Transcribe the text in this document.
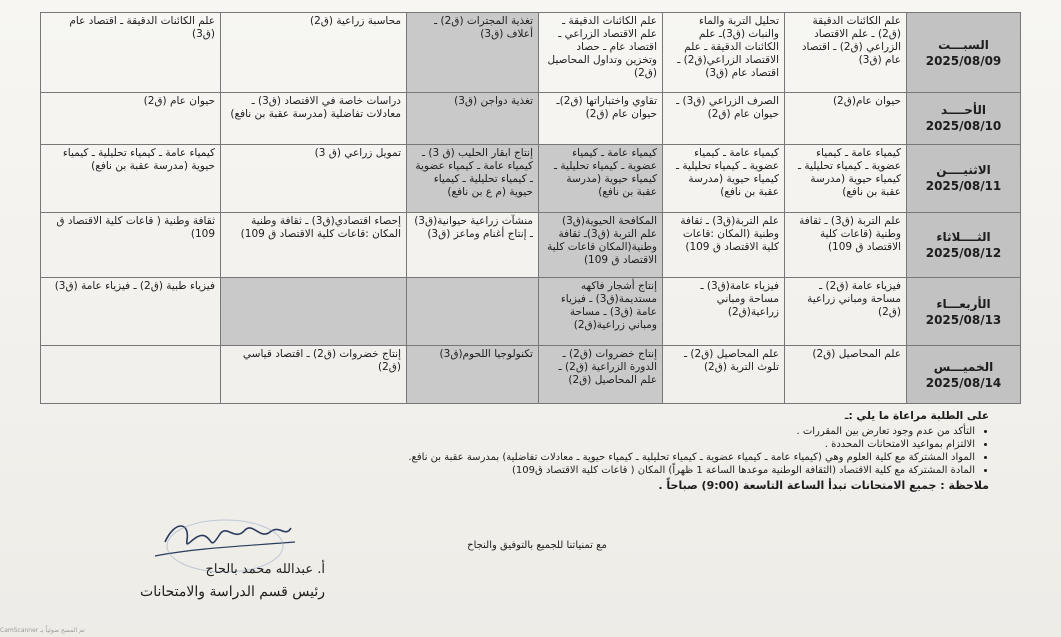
السبـــت
2025/08/09	علم الكائنات الدقيقة (ق2) ـ علم الاقتصاد الزراعي (ق2) ـ اقتصاد عام (ق3)	تحليل التربة والماء والنبات (ق3)ـ علم الكائنات الدقيقة ـ علم الاقتصاد الزراعي(ق2) ـ اقتصاد عام (ق3)	علم الكائنات الدقيقة ـ علم الاقتصاد الزراعي ـ اقتصاد عام ـ حصاد وتخزين وتداول المحاصيل (ق2)	تغذية المجترات (ق2) ـ أعلاف (ق3)	محاسبة زراعية (ق2)	علم الكائنات الدقيقة ـ اقتصاد عام (ق3)

الأحــــد
2025/08/10	حيوان عام(ق2)	الصرف الزراعي (ق3) ـ حيوان عام (ق2)	تقاوي واختباراتها (ق2)ـ حيوان عام (ق2)	تغذية دواجن (ق3)	دراسات خاصة في الاقتصاد (ق3) ـ معادلات تفاضلية (مدرسة عقبة بن نافع)	حيوان عام (ق2)

الاثنيــــن
2025/08/11	كيمياء عامة ـ كيمياء عضوية ـ كيمياء تحليلية ـ كيمياء حيوية (مدرسة عقبة بن نافع)	كيمياء عامة ـ كيمياء عضوية ـ كيمياء تحليلية ـ كيمياء حيوية (مدرسة عقبة بن نافع)	كيمياء عامة ـ كيمياء عضوية ـ كيمياء تحليلية ـ كيمياء حيوية (مدرسة عقبة بن نافع)	إنتاج ابقار الحليب (ق 3) ـ كيمياء عامة ـ كيمياء عضوية ـ كيمياء تحليلية ـ كيمياء حيوية (م ع بن نافع)	تمويل زراعي (ق 3)	كيمياء عامة ـ كيمياء تحليلية ـ كيمياء حيوية (مدرسة عقبة بن نافع)

الثــــلاثاء
2025/08/12	علم التربة (ق3) ـ ثقافة وطنية (قاعات كلية الاقتصاد ق 109)	علم التربة(ق3) ـ ثقافة وطنية (المكان :قاعات كلية الاقتصاد ق 109)	المكافحة الحيوية(ق3) علم التربة (ق3)ـ ثقافة وطنية(المكان قاعات كلية الاقتصاد ق 109)	منشآت زراعية حيوانية(ق3) ـ إنتاج أغنام وماعز (ق3)	إحصاء اقتصادي(ق3) ـ ثقافة وطنية المكان :قاعات كلية الاقتصاد ق 109)	ثقافة وطنية ( قاعات كلية الاقتصاد ق 109)

الأربعـــاء
2025/08/13	فيزياء عامة (ق2) ـ مساحة ومباني زراعية (ق2)	فيزياء عامة(ق3) ـ مساحة ومباني زراعية(ق2)	إنتاج أشجار فاكهه مستديمة(ق3) ـ فيزياء عامة (ق3) ـ مساحة ومباني زراعية(ق2)			فيزياء طبية (ق2) ـ فيزياء عامة (ق3)

الخميـــس
2025/08/14	علم المحاصيل (ق2)	علم المحاصيل (ق2) ـ تلوث التربة (ق2)	إنتاج خضروات (ق2) ـ الدورة الزراعية (ق2) ـ علم المحاصيل (ق2)	تكنولوجيا اللحوم(ق3)	إنتاج خضروات (ق2) ـ اقتصاد قياسي (ق2)	
على الطلبة مراعاة ما يلي :ـ
• التأكد من عدم وجود تعارض بين المقررات .
• الالتزام بمواعيد الامتحانات المحددة .
• المواد المشتركة مع كلية العلوم وهي (كيمياء عامة ـ كيمياء عضوية ـ كيمياء تحليلية ـ كيمياء حيوية ـ معادلات تفاضلية) بمدرسة عقبة بن نافع.
• المادة المشتركة مع كلية الاقتصاد (الثقافة الوطنية موعدها الساعة 1 ظهراً) المكان ( قاعات كلية الاقتصاد ق109)
ملاحظة : جميع الامتحانات تبدأ الساعة التاسعة (9:00) صباحاً .
مع تمنياتنا للجميع بالتوفيق والنجاح
أ. عبدالله محمد بالحاج
رئيس قسم الدراسة والامتحانات
CamScanner تم المسح ضوئياً بـ
